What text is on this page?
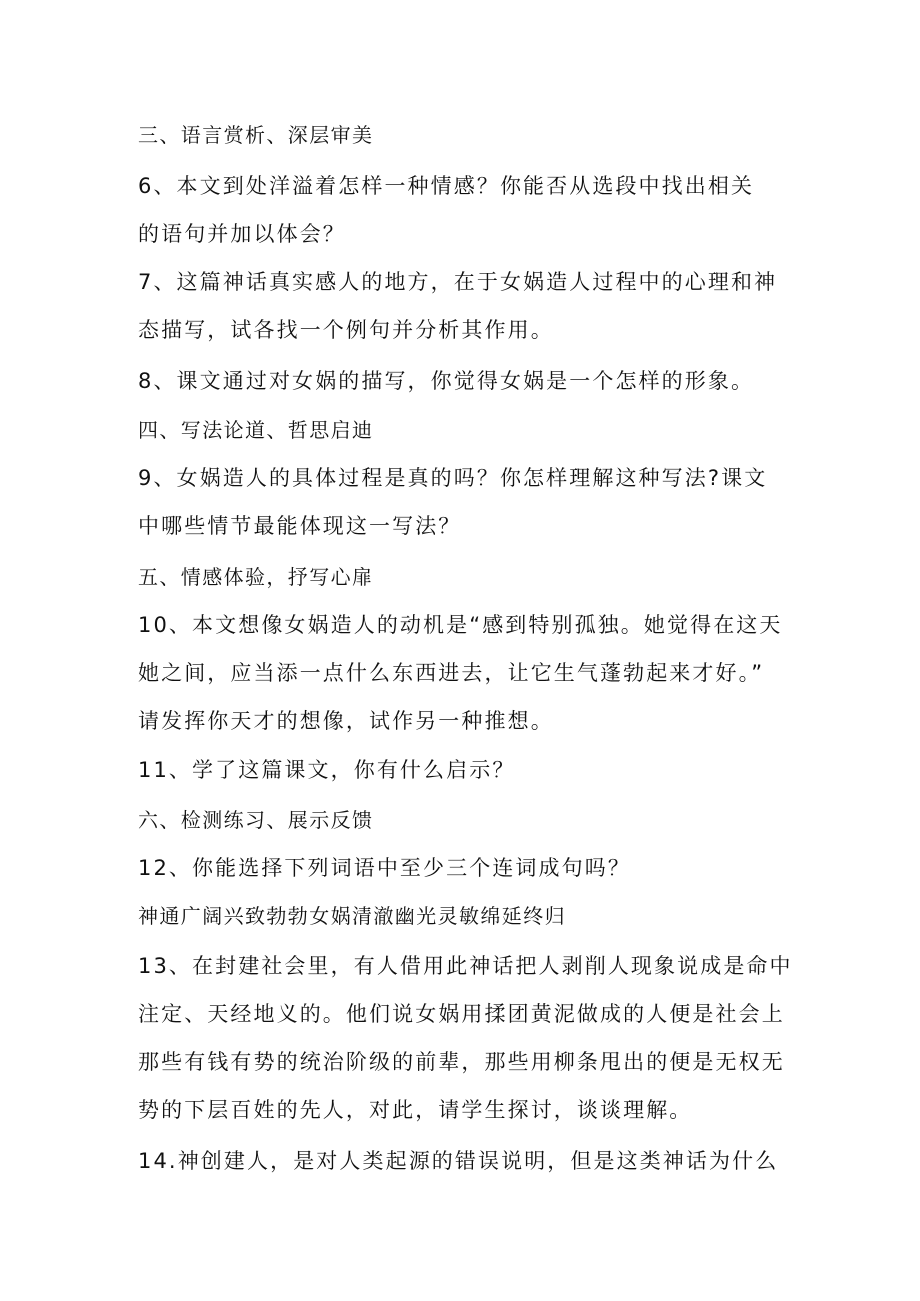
三、语言赏析、深层审美
6、本文到处洋溢着怎样一种情感？你能否从选段中找出相关
的语句并加以体会？
7、这篇神话真实感人的地方，在于女娲造人过程中的心理和神
态描写，试各找一个例句并分析其作用。
8、课文通过对女娲的描写，你觉得女娲是一个怎样的形象。
四、写法论道、哲思启迪
9、女娲造人的具体过程是真的吗？你怎样理解这种写法?课文
中哪些情节最能体现这一写法？
五、情感体验，抒写心扉
10、本文想像女娲造人的动机是“感到特别孤独。她觉得在这天
她之间，应当添一点什么东西进去，让它生气蓬勃起来才好。”
请发挥你天才的想像，试作另一种推想。
11、学了这篇课文，你有什么启示？
六、检测练习、展示反馈
12、你能选择下列词语中至少三个连词成句吗？
神通广阔兴致勃勃女娲清澈幽光灵敏绵延终归
13、在封建社会里，有人借用此神话把人剥削人现象说成是命中
注定、天经地义的。他们说女娲用揉团黄泥做成的人便是社会上
那些有钱有势的统治阶级的前辈，那些用柳条甩出的便是无权无
势的下层百姓的先人，对此，请学生探讨，谈谈理解。
14.神创建人，是对人类起源的错误说明，但是这类神话为什么
